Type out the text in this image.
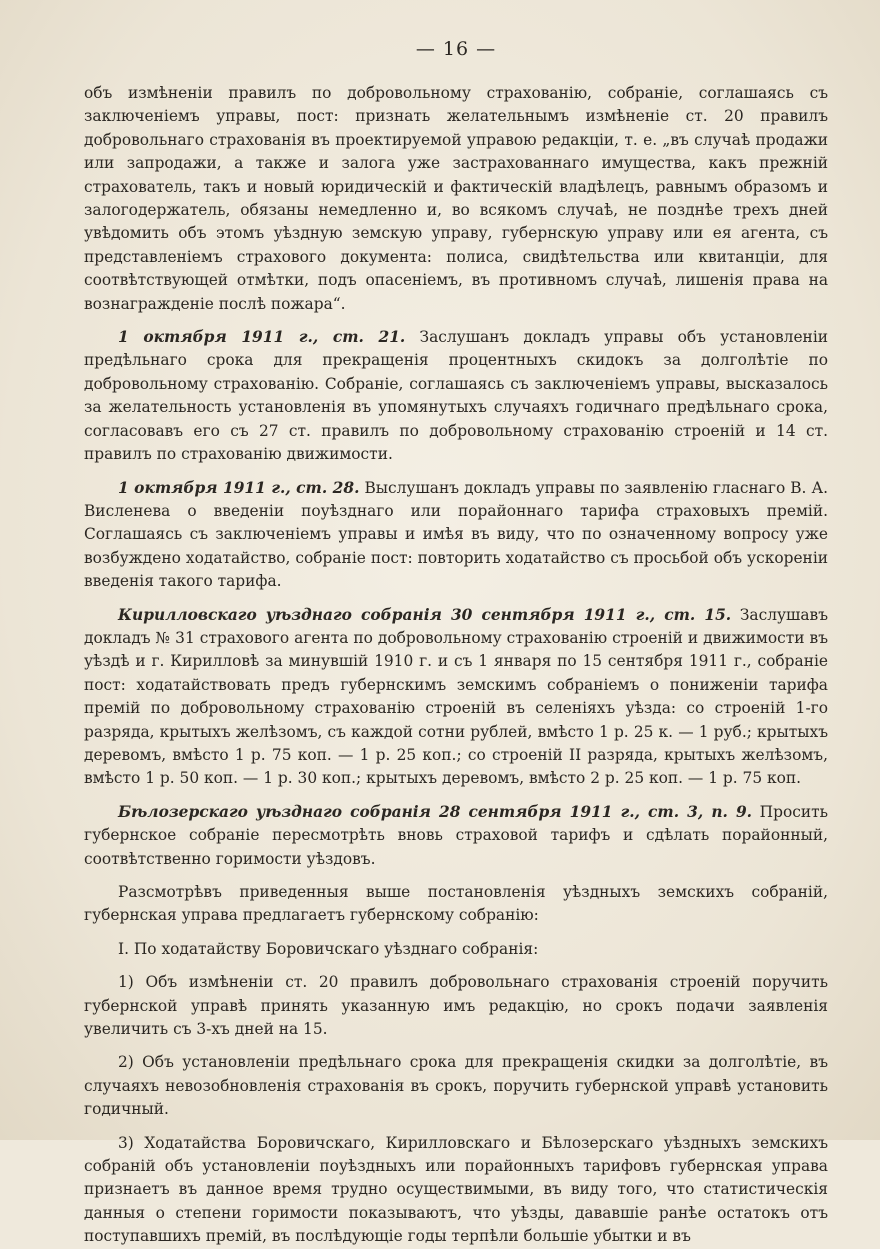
— 16 —

объ измѣненіи правилъ по добровольному страхованію, собраніе, соглашаясь съ заключеніемъ управы, пост: признать желательнымъ измѣненіе ст. 20 правилъ добровольнаго страхованія въ проектируемой управою редакціи, т. е. „въ случаѣ продажи или запродажи, а также и залога уже застрахованнаго имущества, какъ прежній страхователь, такъ и новый юридическій и фактическій владѣлецъ, равнымъ образомъ и залогодержатель, обязаны немедленно и, во всякомъ случаѣ, не позднѣе трехъ дней увѣдомить объ этомъ уѣздную земскую управу, губернскую управу или ея агента, съ представленіемъ страхового документа: полиса, свидѣтельства или квитанціи, для соотвѣтствующей отмѣтки, подъ опасеніемъ, въ противномъ случаѣ, лишенія права на вознагражденіе послѣ пожара“.

1 октября 1911 г., ст. 21. Заслушанъ докладъ управы объ установленіи предѣльнаго срока для прекращенія процентныхъ скидокъ за долголѣтіе по добровольному страхованію. Собраніе, соглашаясь съ заключеніемъ управы, высказалось за желательность установленія въ упомянутыхъ случаяхъ годичнаго предѣльнаго срока, согласовавъ его съ 27 ст. правилъ по добровольному страхованію строеній и 14 ст. правилъ по страхованію движимости.

1 октября 1911 г., ст. 28. Выслушанъ докладъ управы по заявленію гласнаго В. А. Висленева о введеніи поуѣзднаго или порайоннаго тарифа страховыхъ премій. Соглашаясь съ заключеніемъ управы и имѣя въ виду, что по означенному вопросу уже возбуждено ходатайство, собраніе пост: повторить ходатайство съ просьбой объ ускореніи введенія такого тарифа.

Кирилловскаго уѣзднаго собранія 30 сентября 1911 г., ст. 15. Заслушавъ докладъ № 31 страхового агента по добровольному страхованію строеній и движимости въ уѣздѣ и г. Кирилловѣ за минувшій 1910 г. и съ 1 января по 15 сентября 1911 г., собраніе пост: ходатайствовать предъ губернскимъ земскимъ собраніемъ о пониженіи тарифа премій по добровольному страхованію строеній въ селеніяхъ уѣзда: со строеній 1-го разряда, крытыхъ желѣзомъ, съ каждой сотни рублей, вмѣсто 1 р. 25 к. — 1 руб.; крытыхъ деревомъ, вмѣсто 1 р. 75 коп. — 1 р. 25 коп.; со строеній II разряда, крытыхъ желѣзомъ, вмѣсто 1 р. 50 коп. — 1 р. 30 коп.; крытыхъ деревомъ, вмѣсто 2 р. 25 коп. — 1 р. 75 коп.

Бѣлозерскаго уѣзднаго собранія 28 сентября 1911 г., ст. 3, п. 9. Просить губернское собраніе пересмотрѣть вновь страховой тарифъ и сдѣлать порайонный, соотвѣтственно горимости уѣздовъ.

Разсмотрѣвъ приведенныя выше постановленія уѣздныхъ земскихъ собраній, губернская управа предлагаетъ губернскому собранію:

I. По ходатайству Боровичскаго уѣзднаго собранія:

1) Объ измѣненіи ст. 20 правилъ добровольнаго страхованія строеній поручить губернской управѣ принять указанную имъ редакцію, но срокъ подачи заявленія увеличить съ 3-хъ дней на 15.

2) Объ установленіи предѣльнаго срока для прекращенія скидки за долголѣтіе, въ случаяхъ невозобновленія страхованія въ срокъ, поручить губернской управѣ установить годичный.

3) Ходатайства Боровичскаго, Кирилловскаго и Бѣлозерскаго уѣздныхъ земскихъ собраній объ установленіи поуѣздныхъ или порайонныхъ тарифовъ губернская управа признаетъ въ данное время трудно осуществимыми, въ виду того, что статистическія данныя о степени горимости показываютъ, что уѣзды, дававшіе ранѣе остатокъ отъ поступавшихъ премій, въ послѣдующіе годы терпѣли большіе убытки и въ
